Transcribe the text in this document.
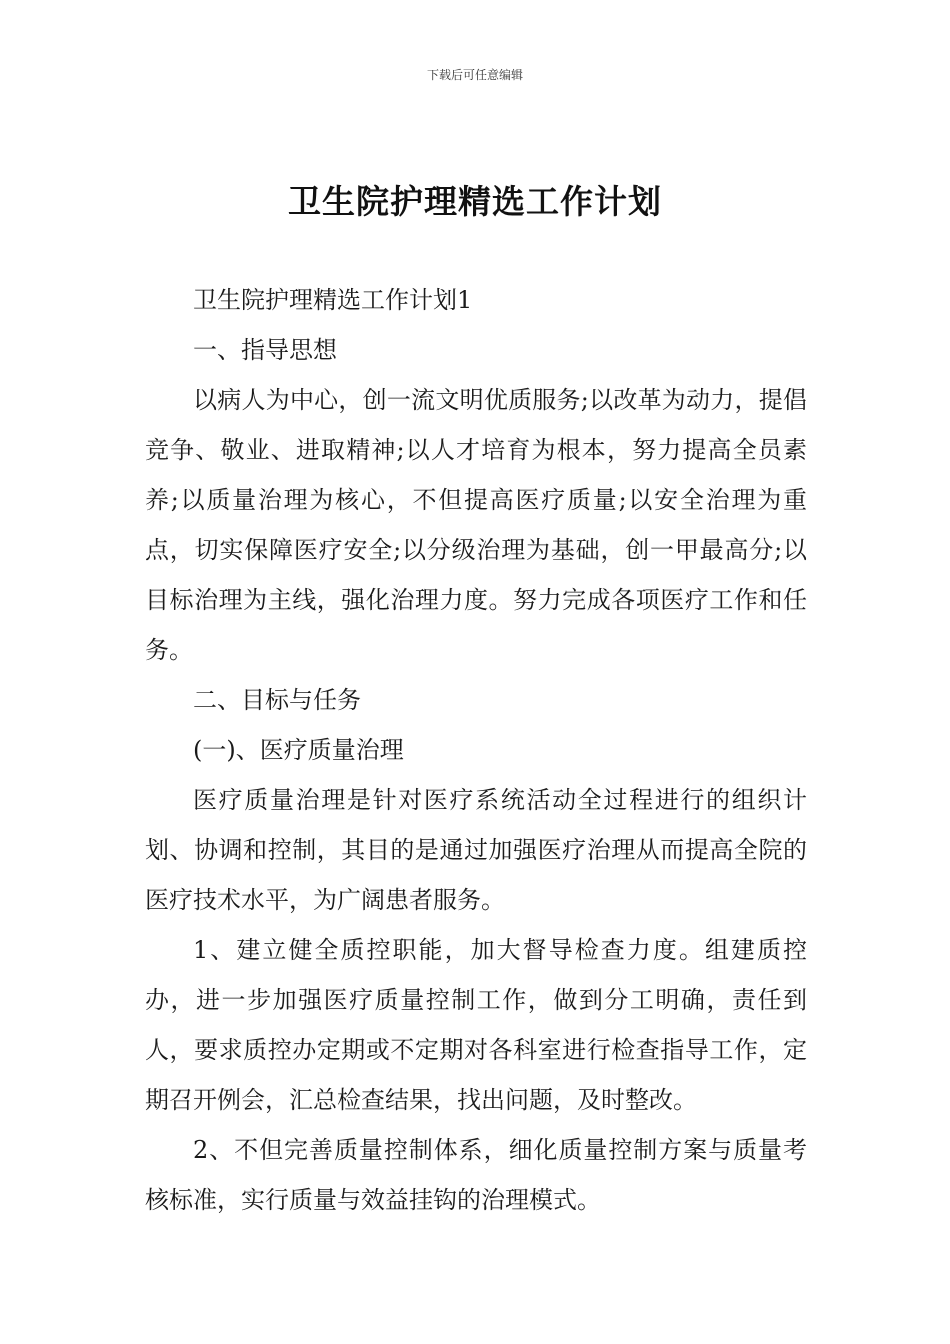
下载后可任意编辑
卫生院护理精选工作计划

卫生院护理精选工作计划1

一、指导思想

以病人为中心，创一流文明优质服务;以改革为动力，提倡竞争、敬业、进取精神;以人才培育为根本，努力提高全员素养;以质量治理为核心，不但提高医疗质量;以安全治理为重点，切实保障医疗安全;以分级治理为基础，创一甲最高分;以目标治理为主线，强化治理力度。努力完成各项医疗工作和任务。

二、目标与任务

(一)、医疗质量治理

医疗质量治理是针对医疗系统活动全过程进行的组织计划、协调和控制，其目的是通过加强医疗治理从而提高全院的医疗技术水平，为广阔患者服务。

1、建立健全质控职能，加大督导检查力度。组建质控办，进一步加强医疗质量控制工作，做到分工明确，责任到人，要求质控办定期或不定期对各科室进行检查指导工作，定期召开例会，汇总检查结果，找出问题，及时整改。

2、不但完善质量控制体系，细化质量控制方案与质量考核标准，实行质量与效益挂钩的治理模式。
